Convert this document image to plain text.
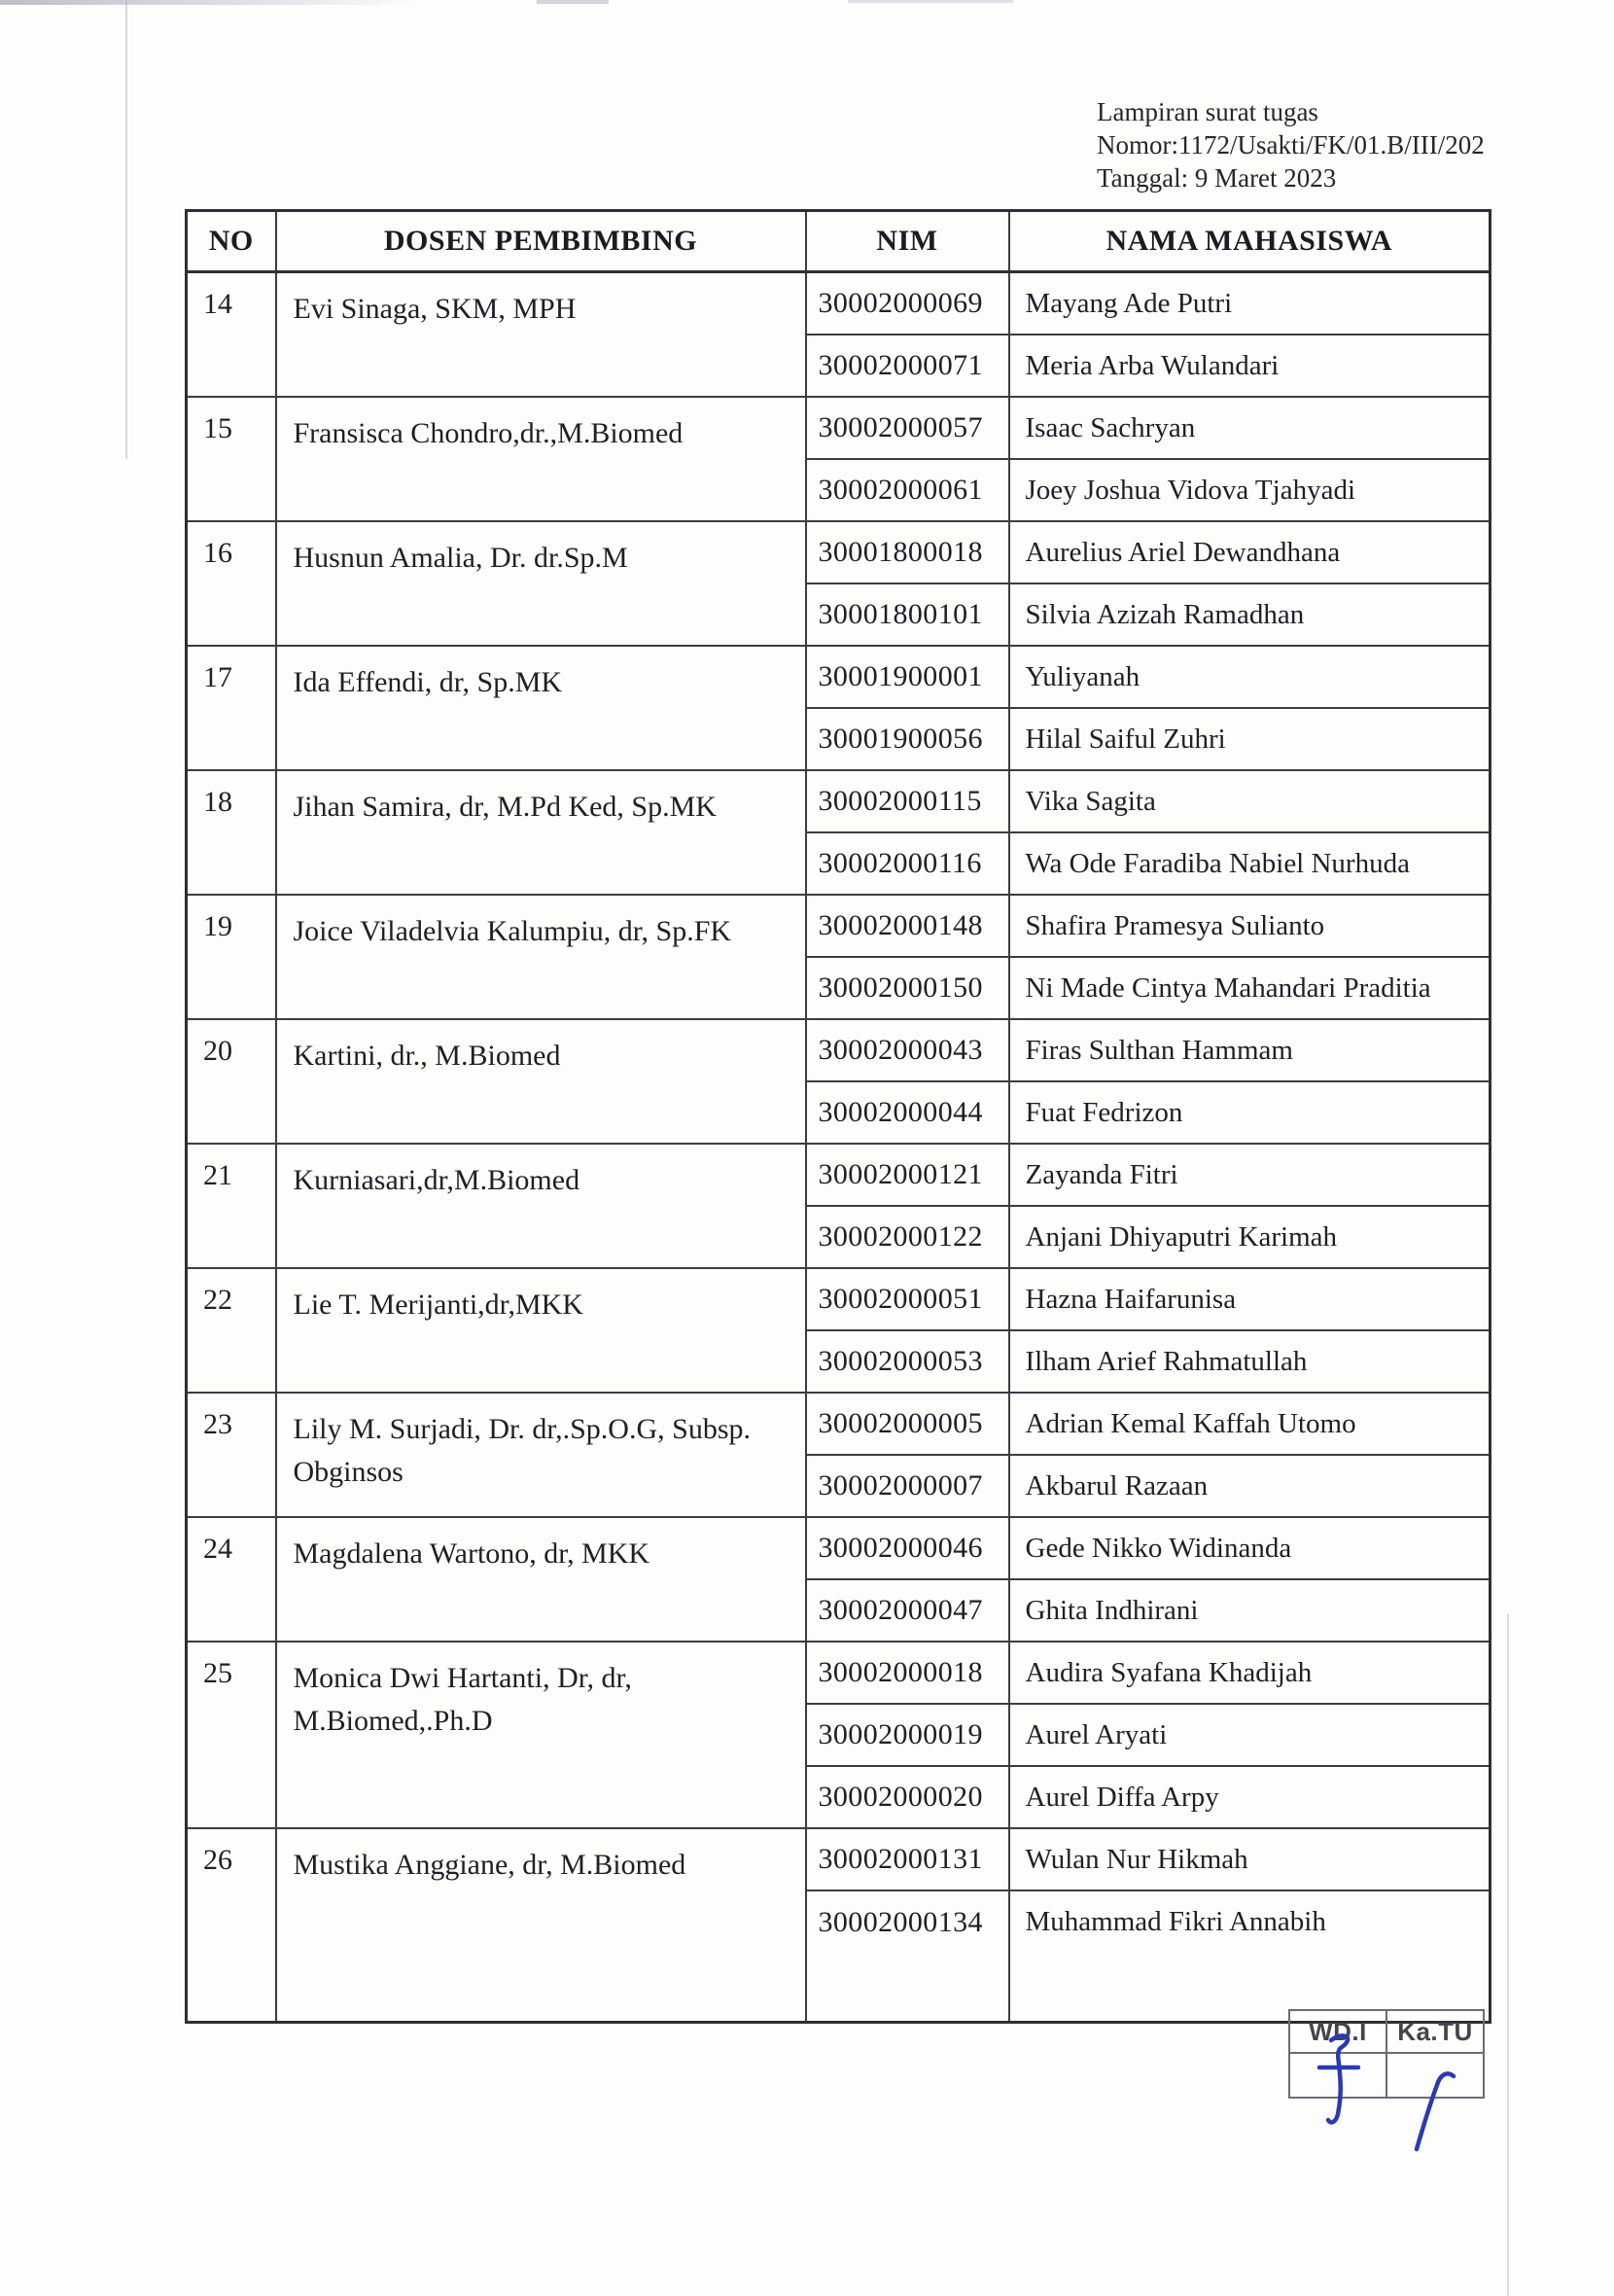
Lampiran surat tugas
Nomor:1172/Usakti/FK/01.B/III/202
Tanggal: 9 Maret 2023
NO	DOSEN PEMBIMBING	NIM	NAMA MAHASISWA
14	Evi Sinaga, SKM, MPH	30002000069	Mayang Ade Putri
		30002000071	Meria Arba Wulandari
15	Fransisca Chondro,dr.,M.Biomed	30002000057	Isaac Sachryan
		30002000061	Joey Joshua Vidova Tjahyadi
16	Husnun Amalia, Dr. dr.Sp.M	30001800018	Aurelius Ariel Dewandhana
		30001800101	Silvia Azizah Ramadhan
17	Ida Effendi, dr, Sp.MK	30001900001	Yuliyanah
		30001900056	Hilal Saiful Zuhri
18	Jihan Samira, dr, M.Pd Ked, Sp.MK	30002000115	Vika Sagita
		30002000116	Wa Ode Faradiba Nabiel Nurhuda
19	Joice Viladelvia Kalumpiu, dr, Sp.FK	30002000148	Shafira Pramesya Sulianto
		30002000150	Ni Made Cintya Mahandari Praditia
20	Kartini, dr., M.Biomed	30002000043	Firas Sulthan Hammam
		30002000044	Fuat Fedrizon
21	Kurniasari,dr,M.Biomed	30002000121	Zayanda Fitri
		30002000122	Anjani Dhiyaputri Karimah
22	Lie T. Merijanti,dr,MKK	30002000051	Hazna Haifarunisa
		30002000053	Ilham Arief Rahmatullah
23	Lily M. Surjadi, Dr. dr,.Sp.O.G, Subsp. Obginsos	30002000005	Adrian Kemal Kaffah Utomo
		30002000007	Akbarul Razaan
24	Magdalena Wartono, dr, MKK	30002000046	Gede Nikko Widinanda
		30002000047	Ghita Indhirani
25	Monica Dwi Hartanti, Dr, dr, M.Biomed,.Ph.D	30002000018	Audira Syafana Khadijah
		30002000019	Aurel Aryati
		30002000020	Aurel Diffa Arpy
26	Mustika Anggiane, dr, M.Biomed	30002000131	Wulan Nur Hikmah
		30002000134	Muhammad Fikri Annabih
WD.I	Ka.TU
